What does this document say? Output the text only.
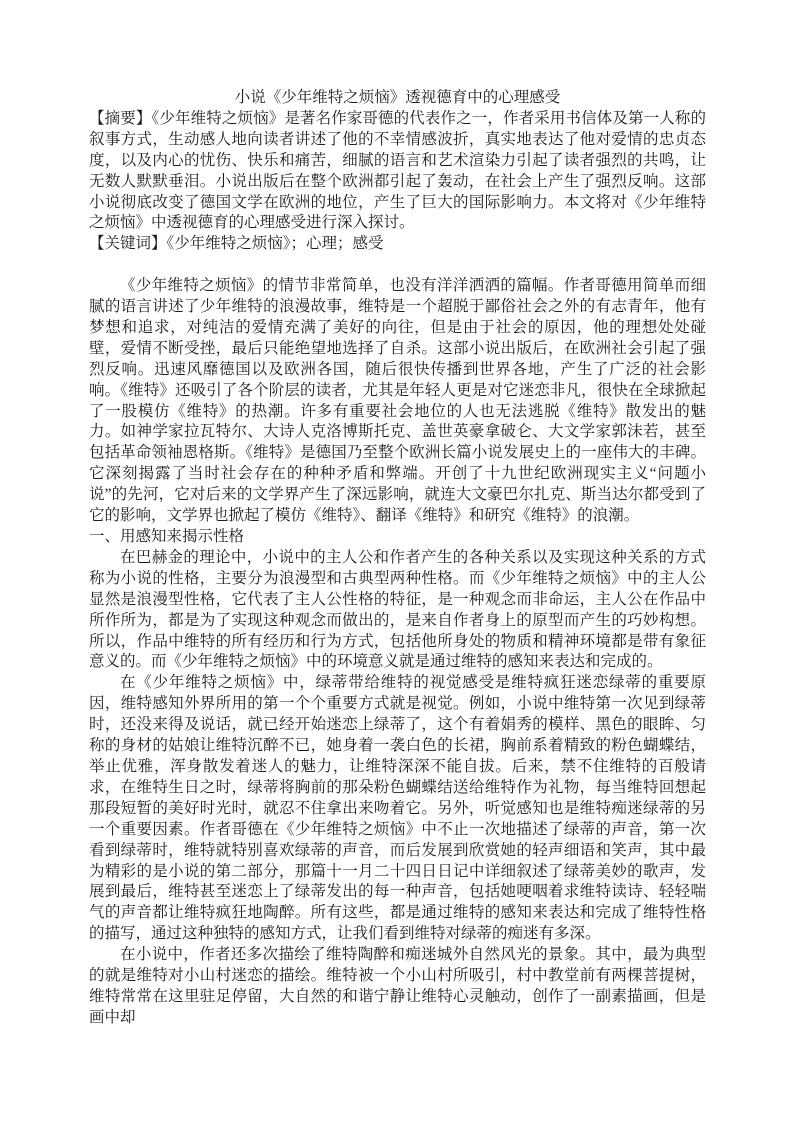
小说《少年维特之烦恼》透视德育中的心理感受

【摘要】《少年维特之烦恼》是著名作家哥德的代表作之一，作者采用书信体及第一人称的叙事方式，生动感人地向读者讲述了他的不幸情感波折，真实地表达了他对爱情的忠贞态度，以及内心的忧伤、快乐和痛苦，细腻的语言和艺术渲染力引起了读者强烈的共鸣，让无数人默默垂泪。小说出版后在整个欧洲都引起了轰动，在社会上产生了强烈反响。这部小说彻底改变了德国文学在欧洲的地位，产生了巨大的国际影响力。本文将对《少年维特之烦恼》中透视德育的心理感受进行深入探讨。

【关键词】《少年维特之烦恼》；心理；感受

《少年维特之烦恼》的情节非常简单，也没有洋洋洒洒的篇幅。作者哥德用简单而细腻的语言讲述了少年维特的浪漫故事，维特是一个超脱于鄙俗社会之外的有志青年，他有梦想和追求，对纯洁的爱情充满了美好的向往，但是由于社会的原因，他的理想处处碰壁，爱情不断受挫，最后只能绝望地选择了自杀。这部小说出版后，在欧洲社会引起了强烈反响。迅速风靡德国以及欧洲各国，随后很快传播到世界各地，产生了广泛的社会影响。《维特》还吸引了各个阶层的读者，尤其是年轻人更是对它迷恋非凡，很快在全球掀起了一股模仿《维特》的热潮。许多有重要社会地位的人也无法逃脱《维特》散发出的魅力。如神学家拉瓦特尔、大诗人克洛博斯托克、盖世英豪拿破仑、大文学家郭沫若，甚至包括革命领袖恩格斯。《维特》是德国乃至整个欧洲长篇小说发展史上的一座伟大的丰碑。它深刻揭露了当时社会存在的种种矛盾和弊端。开创了十九世纪欧洲现实主义“问题小说”的先河，它对后来的文学界产生了深远影响，就连大文豪巴尔扎克、斯当达尔都受到了它的影响，文学界也掀起了模仿《维特》、翻译《维特》和研究《维特》的浪潮。

一、用感知来揭示性格

在巴赫金的理论中，小说中的主人公和作者产生的各种关系以及实现这种关系的方式称为小说的性格，主要分为浪漫型和古典型两种性格。而《少年维特之烦恼》中的主人公显然是浪漫型性格，它代表了主人公性格的特征，是一种观念而非命运，主人公在作品中所作所为，都是为了实现这种观念而做出的，是来自作者身上的原型而产生的巧妙构想。所以，作品中维特的所有经历和行为方式，包括他所身处的物质和精神环境都是带有象征意义的。而《少年维特之烦恼》中的环境意义就是通过维特的感知来表达和完成的。

在《少年维特之烦恼》中，绿蒂带给维特的视觉感受是维特疯狂迷恋绿蒂的重要原因，维特感知外界所用的第一个个重要方式就是视觉。例如，小说中维特第一次见到绿蒂时，还没来得及说话，就已经开始迷恋上绿蒂了，这个有着娟秀的模样、黑色的眼眸、匀称的身材的姑娘让维特沉醉不已，她身着一袭白色的长裙，胸前系着精致的粉色蝴蝶结，举止优雅，浑身散发着迷人的魅力，让维特深深不能自拔。后来，禁不住维特的百般请求，在维特生日之时，绿蒂将胸前的那朵粉色蝴蝶结送给维特作为礼物，每当维特回想起那段短暂的美好时光时，就忍不住拿出来吻着它。另外，听觉感知也是维特痴迷绿蒂的另一个重要因素。作者哥德在《少年维特之烦恼》中不止一次地描述了绿蒂的声音，第一次看到绿蒂时，维特就特别喜欢绿蒂的声音，而后发展到欣赏她的轻声细语和笑声，其中最为精彩的是小说的第二部分，那篇十一月二十四日日记中详细叙述了绿蒂美妙的歌声，发展到最后，维特甚至迷恋上了绿蒂发出的每一种声音，包括她哽咽着求维特读诗、轻轻喘气的声音都让维特疯狂地陶醉。所有这些，都是通过维特的感知来表达和完成了维特性格的描写，通过这种独特的感知方式，让我们看到维特对绿蒂的痴迷有多深。

在小说中，作者还多次描绘了维特陶醉和痴迷城外自然风光的景象。其中，最为典型的就是维特对小山村迷恋的描绘。维特被一个小山村所吸引，村中教堂前有两棵菩提树，维特常常在这里驻足停留，大自然的和谐宁静让维特心灵触动，创作了一副素描画，但是画中却
